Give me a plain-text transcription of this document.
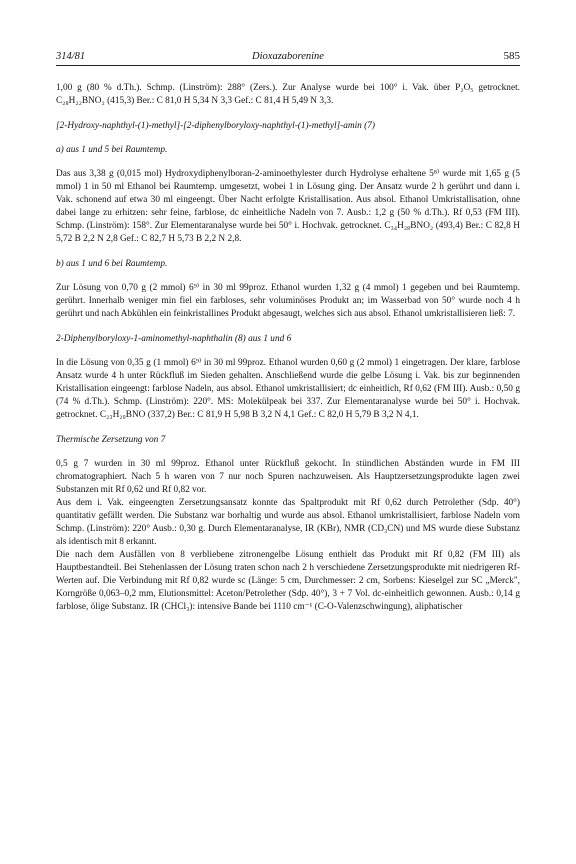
314/81	Dioxazaborenine	585

1,00 g (80 % d.Th.). Schmp. (Linström): 288° (Zers.). Zur Analyse wurde bei 100° i. Vak. über P₂O₅ getrocknet. C₂₈H₂₂BNO₂ (415,3) Ber.: C 81,0 H 5,34 N 3,3 Gef.: C 81,4 H 5,49 N 3,3.

[2-Hydroxy-naphthyl-(1)-methyl]-[2-diphenylboryloxy-naphthyl-(1)-methyl]-amin (7)
a) aus 1 und 5 bei Raumtemp.

Das aus 3,38 g (0,015 mol) Hydroxydiphenylboran-2-aminoethylester durch Hydrolyse erhaltene 5⁸⁾ wurde mit 1,65 g (5 mmol) 1 in 50 ml Ethanol bei Raumtemp. umgesetzt, wobei 1 in Lösung ging. Der Ansatz wurde 2 h gerührt und dann i. Vak. schonend auf etwa 30 ml eingeengt. Über Nacht erfolgte Kristallisation. Aus absol. Ethanol Umkristallisation, ohne dabei lange zu erhitzen: sehr feine, farblose, dc einheitliche Nadeln von 7. Ausb.: 1,2 g (50 % d.Th.). Rf 0,53 (FM III). Schmp. (Linström): 158°. Zur Elementaranalyse wurde bei 50° i. Hochvak. getrocknet. C₃₄H₂₈BNO₂ (493,4) Ber.: C 82,8 H 5,72 B 2,2 N 2,8 Gef.: C 82,7 H 5,73 B 2,2 N 2,8.

b) aus 1 und 6 bei Raumtemp.

Zur Lösung von 0,70 g (2 mmol) 6⁹⁾ in 30 ml 99proz. Ethanol wurden 1,32 g (4 mmol) 1 gegeben und bei Raumtemp. gerührt. Innerhalb weniger min fiel ein farbloses, sehr voluminöses Produkt an; im Wasserbad von 50° wurde noch 4 h gerührt und nach Abkühlen ein feinkristallines Produkt abgesaugt, welches sich aus absol. Ethanol umkristallisieren ließ: 7.

2-Diphenylboryloxy-1-aminomethyl-naphthalin (8) aus 1 und 6

In die Lösung von 0,35 g (1 mmol) 6⁹⁾ in 30 ml 99proz. Ethanol wurden 0,60 g (2 mmol) 1 eingetragen. Der klare, farblose Ansatz wurde 4 h unter Rückfluß im Sieden gehalten. Anschließend wurde die gelbe Lösung i. Vak. bis zur beginnenden Kristallisation eingeengt: farblose Nadeln, aus absol. Ethanol umkristallisiert; dc einheitlich, Rf 0,62 (FM III). Ausb.: 0,50 g (74 % d.Th.). Schmp. (Linström): 220°. MS: Molekülpeak bei 337. Zur Elementaranalyse wurde bei 50° i. Hochvak. getrocknet. C₂₃H₂₀BNO (337,2) Ber.: C 81,9 H 5,98 B 3,2 N 4,1 Gef.: C 82,0 H 5,79 B 3,2 N 4,1.

Thermische Zersetzung von 7

0,5 g 7 wurden in 30 ml 99proz. Ethanol unter Rückfluß gekocht. In stündlichen Abständen wurde in FM III chromatographiert. Nach 5 h waren von 7 nur noch Spuren nachzuweisen. Als Hauptzersetzungsprodukte lagen zwei Substanzen mit Rf 0,62 und Rf 0,82 vor.

Aus dem i. Vak. eingeengten Zersetzungsansatz konnte das Spaltprodukt mit Rf 0,62 durch Petrolether (Sdp. 40°) quantitativ gefällt werden. Die Substanz war borhaltig und wurde aus absol. Ethanol umkristallisiert, farblose Nadeln vom Schmp. (Linström): 220° Ausb.: 0,30 g. Durch Elementaranalyse, IR (KBr), NMR (CD₃CN) und MS wurde diese Substanz als identisch mit 8 erkannt.

Die nach dem Ausfällen von 8 verbliebene zitronengelbe Lösung enthielt das Produkt mit Rf 0,82 (FM III) als Hauptbestandteil. Bei Stehenlassen der Lösung traten schon nach 2 h verschiedene Zersetzungsprodukte mit niedrigeren Rf-Werten auf. Die Verbindung mit Rf 0,82 wurde sc (Länge: 5 cm, Durchmesser: 2 cm, Sorbens: Kieselgel zur SC „Merck", Korngröße 0,063–0,2 mm, Elutionsmittel: Aceton/Petrolether (Sdp. 40°), 3 + 7 Vol. dc-einheitlich gewonnen. Ausb.: 0,14 g farblose, ölige Substanz. IR (CHCl₃): intensive Bande bei 1110 cm⁻¹ (C-O-Valenzschwingung), aliphatischer
